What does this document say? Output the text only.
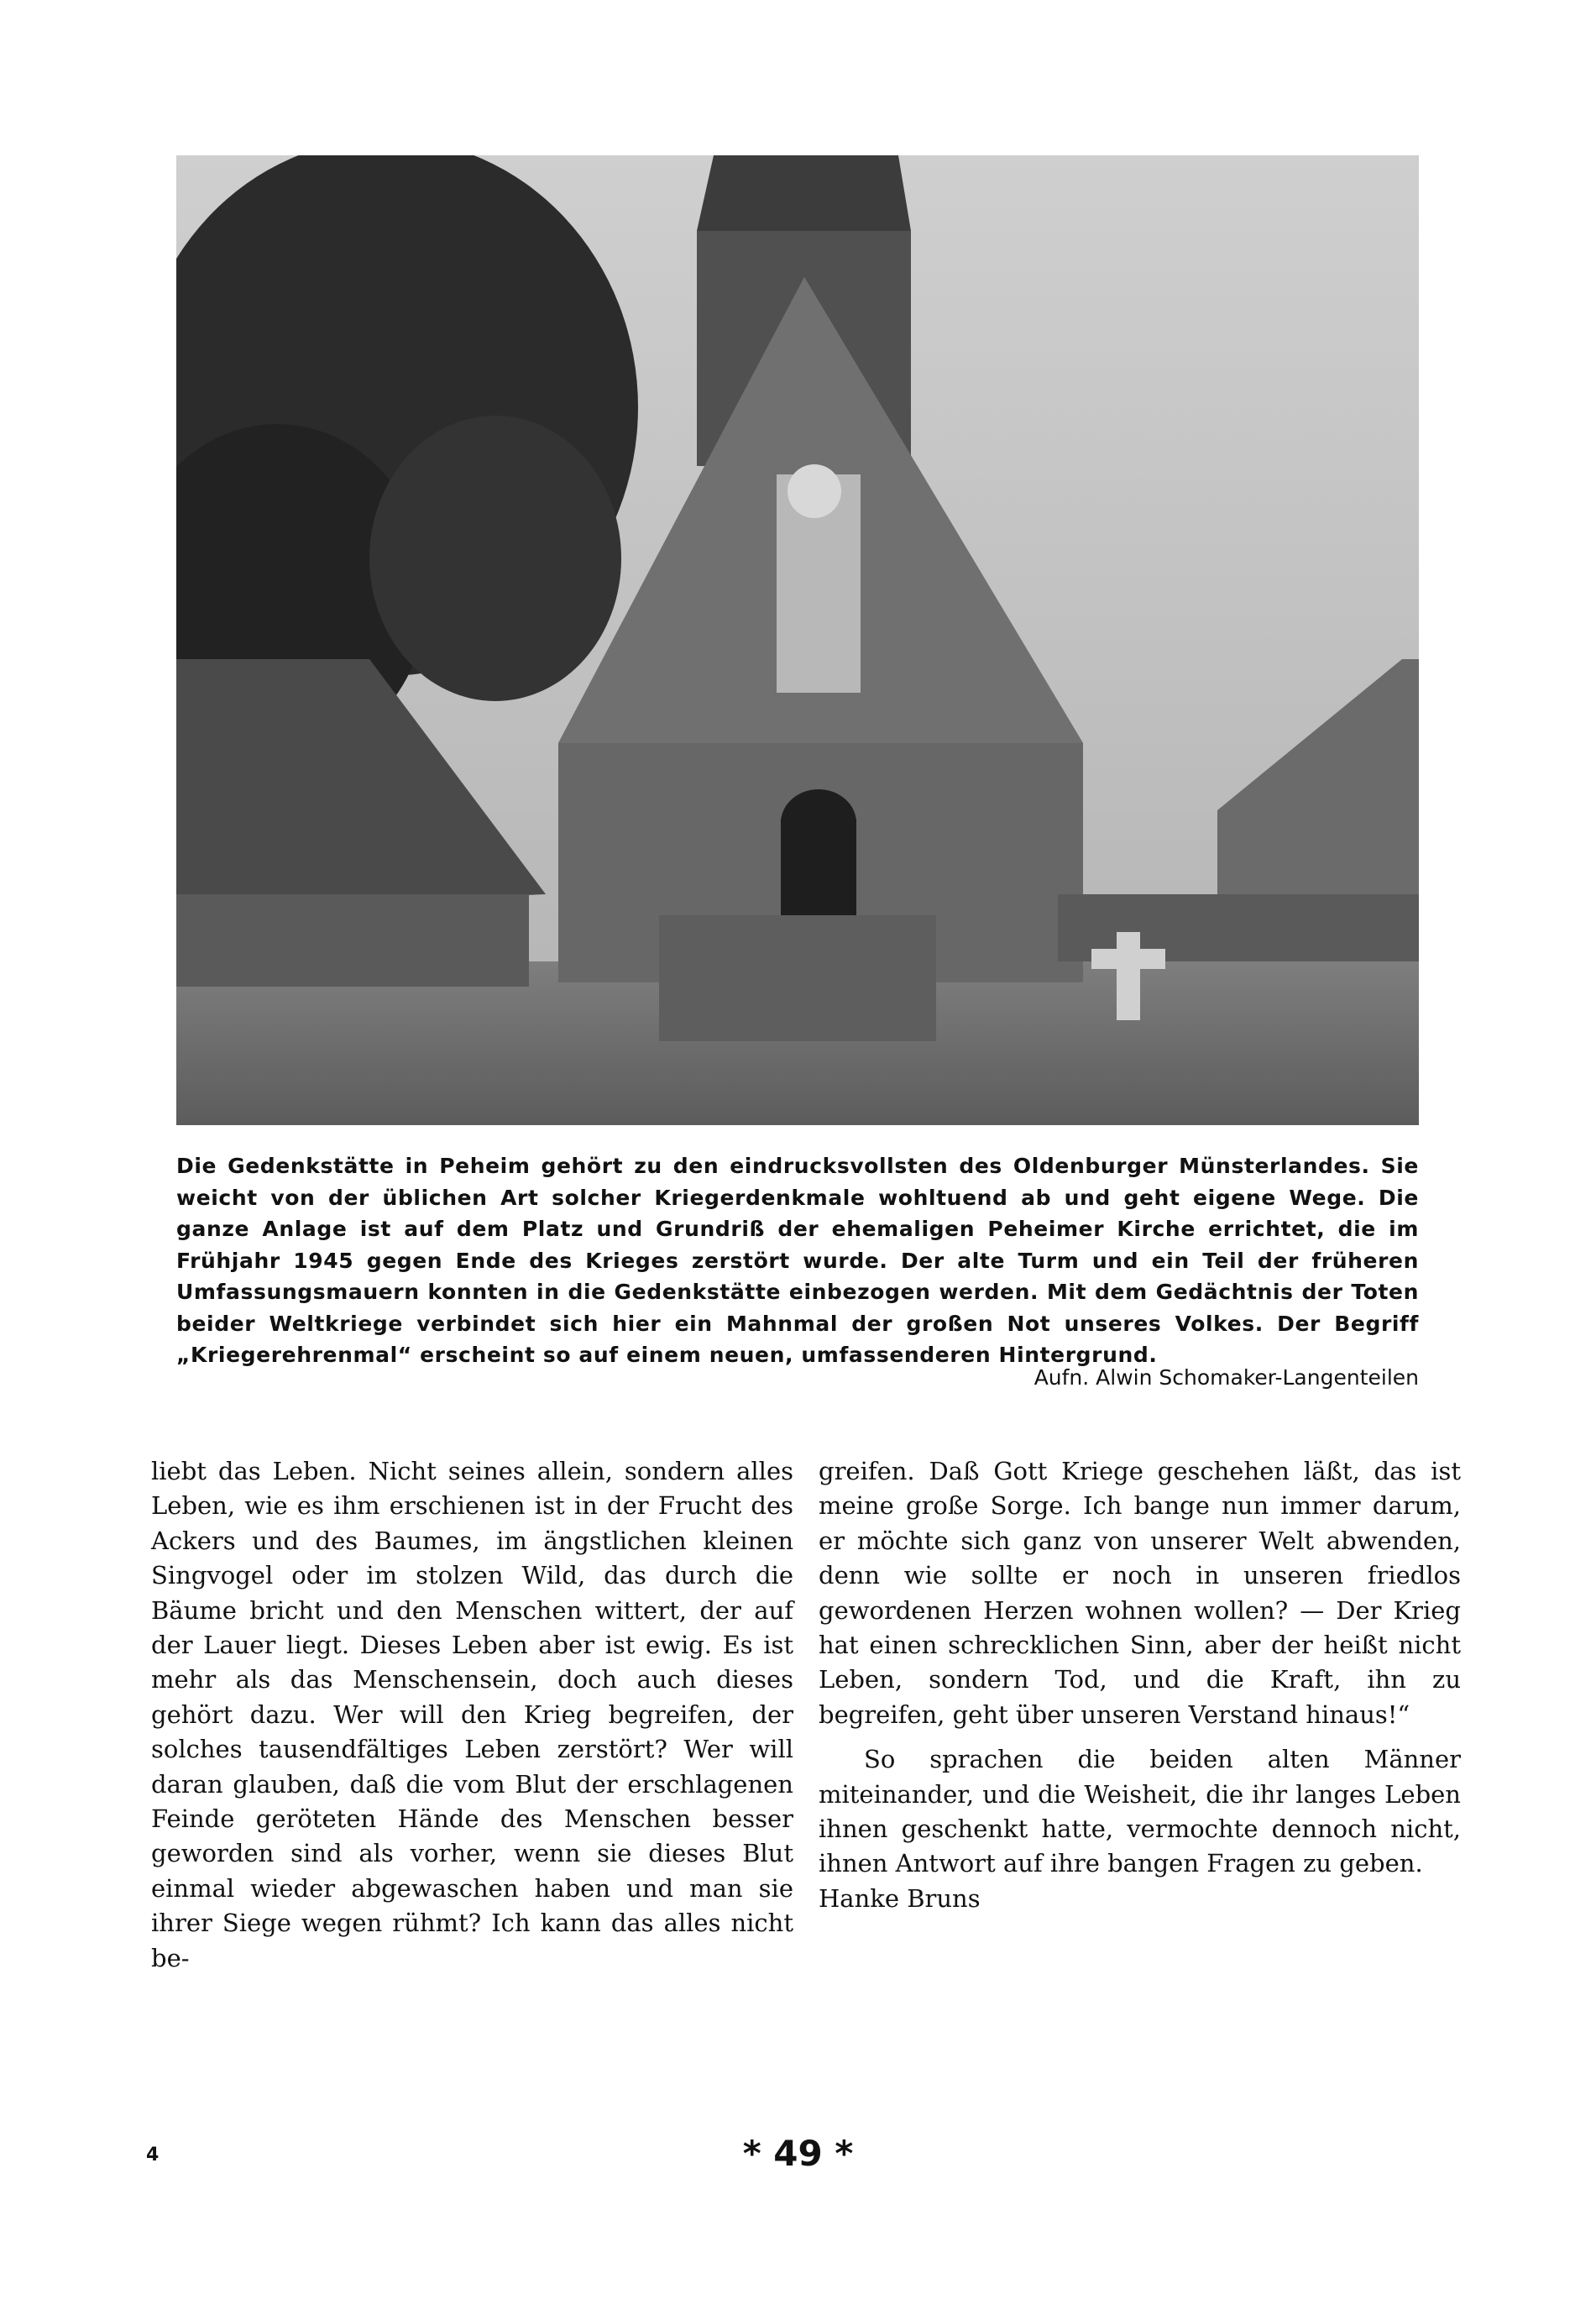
Die Gedenkstätte in Peheim gehört zu den eindrucksvollsten des Oldenburger Münsterlandes. Sie weicht von der üblichen Art solcher Kriegerdenkmale wohltuend ab und geht eigene Wege. Die ganze Anlage ist auf dem Platz und Grundriß der ehemaligen Peheimer Kirche errichtet, die im Frühjahr 1945 gegen Ende des Krieges zerstört wurde. Der alte Turm und ein Teil der früheren Umfassungsmauern konnten in die Gedenkstätte einbezogen werden. Mit dem Gedächtnis der Toten beider Weltkriege verbindet sich hier ein Mahnmal der großen Not unseres Volkes. Der Begriff „Kriegerehrenmal“ erscheint so auf einem neuen, umfassenderen Hintergrund.

Aufn. Alwin Schomaker-Langenteilen

liebt das Leben. Nicht seines allein, sondern alles Leben, wie es ihm erschienen ist in der Frucht des Ackers und des Baumes, im ängstlichen kleinen Singvogel oder im stolzen Wild, das durch die Bäume bricht und den Menschen wittert, der auf der Lauer liegt. Dieses Leben aber ist ewig. Es ist mehr als das Menschensein, doch auch dieses gehört dazu. Wer will den Krieg begreifen, der solches tausendfältiges Leben zerstört? Wer will daran glauben, daß die vom Blut der erschlagenen Feinde geröteten Hände des Menschen besser geworden sind als vorher, wenn sie dieses Blut einmal wieder abgewaschen haben und man sie ihrer Siege wegen rühmt? Ich kann das alles nicht be-

greifen. Daß Gott Kriege geschehen läßt, das ist meine große Sorge. Ich bange nun immer darum, er möchte sich ganz von unserer Welt abwenden, denn wie sollte er noch in unseren friedlos gewordenen Herzen wohnen wollen? — Der Krieg hat einen schrecklichen Sinn, aber der heißt nicht Leben, sondern Tod, und die Kraft, ihn zu begreifen, geht über unseren Verstand hinaus!“

So sprachen die beiden alten Männer miteinander, und die Weisheit, die ihr langes Leben ihnen geschenkt hatte, vermochte dennoch nicht, ihnen Antwort auf ihre bangen Fragen zu geben.

Hanke Bruns

4	* 49 *
